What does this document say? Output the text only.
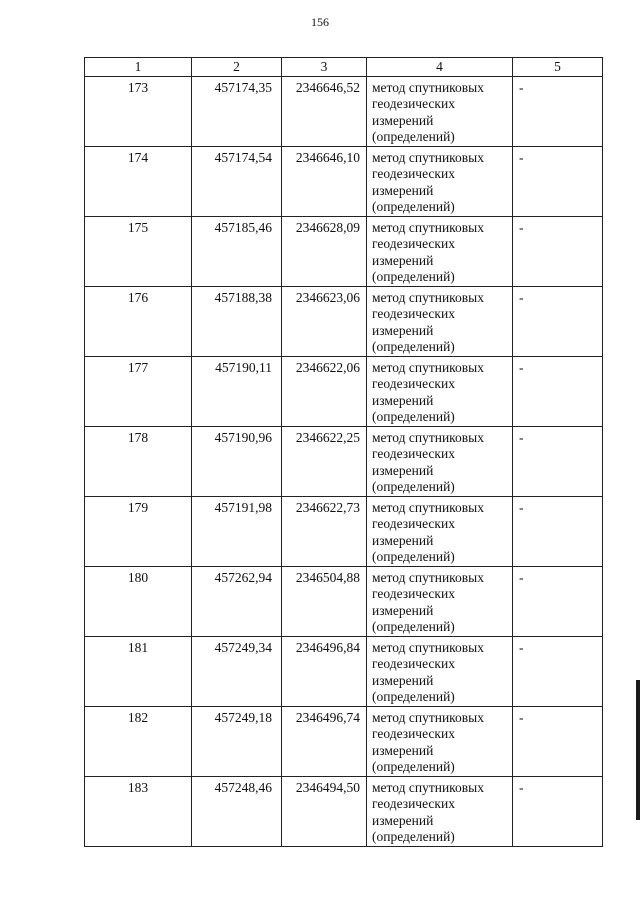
156
1	2	3	4	5
173	457174,35	2346646,52	метод спутниковых
геодезических
измерений
(определений)	-
174	457174,54	2346646,10	метод спутниковых
геодезических
измерений
(определений)	-
175	457185,46	2346628,09	метод спутниковых
геодезических
измерений
(определений)	-
176	457188,38	2346623,06	метод спутниковых
геодезических
измерений
(определений)	-
177	457190,11	2346622,06	метод спутниковых
геодезических
измерений
(определений)	-
178	457190,96	2346622,25	метод спутниковых
геодезических
измерений
(определений)	-
179	457191,98	2346622,73	метод спутниковых
геодезических
измерений
(определений)	-
180	457262,94	2346504,88	метод спутниковых
геодезических
измерений
(определений)	-
181	457249,34	2346496,84	метод спутниковых
геодезических
измерений
(определений)	-
182	457249,18	2346496,74	метод спутниковых
геодезических
измерений
(определений)	-
183	457248,46	2346494,50	метод спутниковых
геодезических
измерений
(определений)	-
